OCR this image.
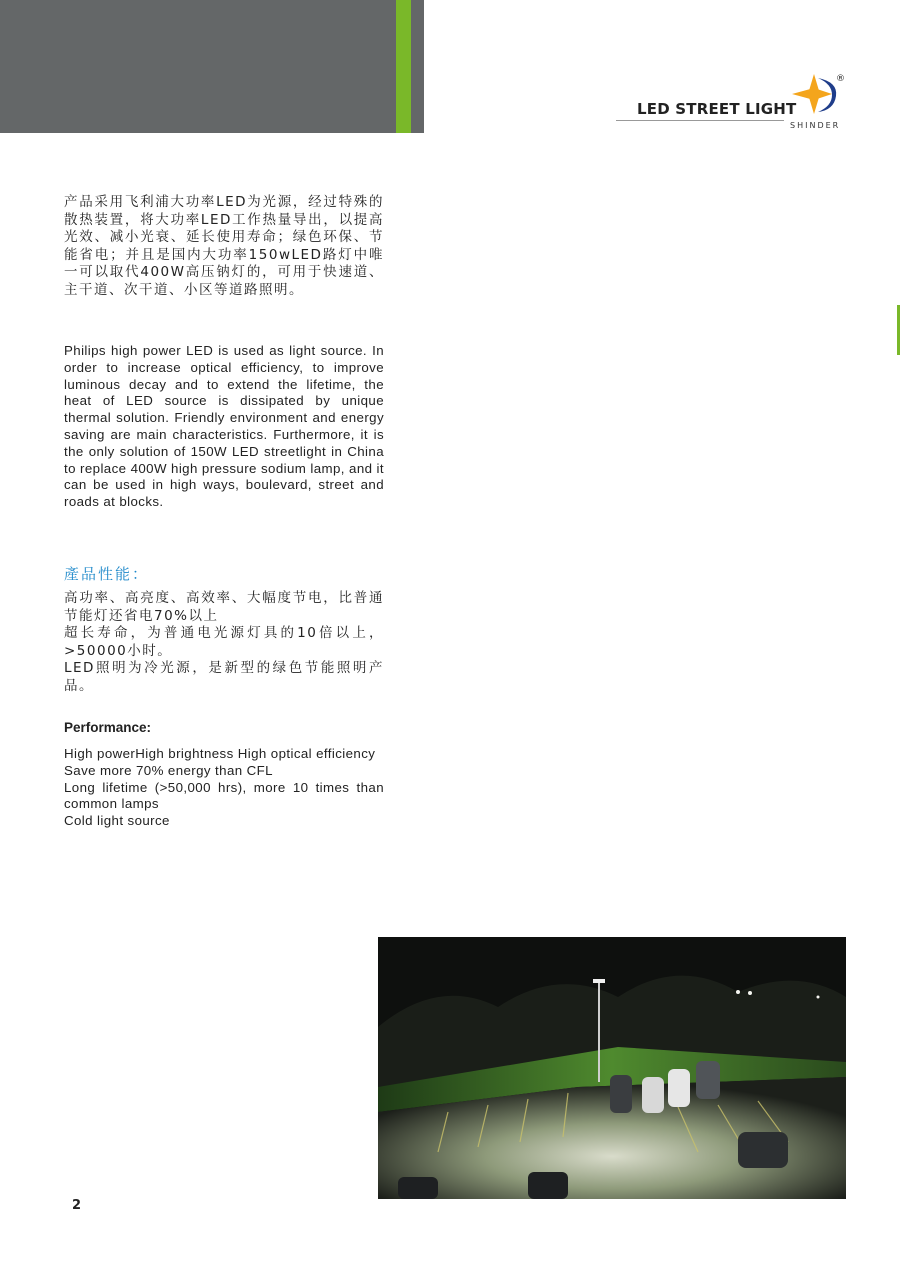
LED STREET LIGHT
®
SHINDER

产品采用飞利浦大功率LED为光源，经过特殊的散热装置，将大功率LED工作热量导出，以提高光效、减小光衰、延长使用寿命；绿色环保、节能省电；并且是国内大功率150wLED路灯中唯一可以取代400W高压钠灯的，可用于快速道、主干道、次干道、小区等道路照明。

Philips high power LED is used as light source. In order to increase optical efficiency, to improve luminous decay and to extend the lifetime, the heat of LED source is dissipated by unique thermal solution. Friendly environment and energy saving are main characteristics. Furthermore, it is the only solution of 150W LED streetlight in China to replace 400W high pressure sodium lamp, and it can be used in high ways, boulevard, street and roads at blocks.

產品性能：

高功率、高亮度、高效率、大幅度节电，比普通节能灯还省电70%以上
超长寿命，为普通电光源灯具的10倍以上，>50000小时。
LED照明为冷光源，是新型的绿色节能照明产品。

Performance:

High powerHigh brightness High optical efficiency
Save more 70% energy than CFL
Long lifetime (>50,000 hrs), more 10 times than common lamps
Cold light source
2
